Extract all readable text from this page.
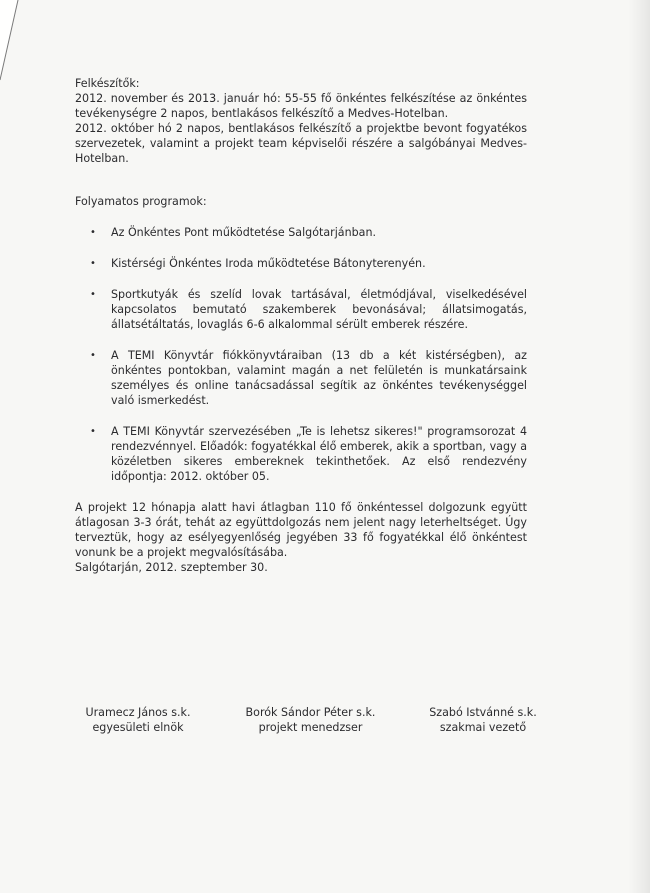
Felkészítők:

2012. november és 2013. január hó: 55-55 fő önkéntes felkészítése az önkéntes tevékenységre 2 napos, bentlakásos felkészítő a Medves-Hotelban.

2012. október hó 2 napos, bentlakásos felkészítő a projektbe bevont fogyatékos szervezetek, valamint a projekt team képviselői részére a salgóbányai Medves-Hotelban.

Folyamatos programok:

• Az Önkéntes Pont működtetése Salgótarjánban.
• Kistérségi Önkéntes Iroda működtetése Bátonyterenyén.
• Sportkutyák és szelíd lovak tartásával, életmódjával, viselkedésével kapcsolatos bemutató szakemberek bevonásával; állatsimogatás, állatsétáltatás, lovaglás 6-6 alkalommal sérült emberek részére.
• A TEMI Könyvtár fiókkönyvtáraiban (13 db a két kistérségben), az önkéntes pontokban, valamint magán a net felületén is munkatársaink személyes és online tanácsadással segítik az önkéntes tevékenységgel való ismerkedést.
• A TEMI Könyvtár szervezésében „Te is lehetsz sikeres!" programsorozat 4 rendezvénnyel. Előadók: fogyatékkal élő emberek, akik a sportban, vagy a közéletben sikeres embereknek tekinthetőek. Az első rendezvény időpontja: 2012. október 05.

A projekt 12 hónapja alatt havi átlagban 110 fő önkéntessel dolgozunk együtt átlagosan 3-3 órát, tehát az együttdolgozás nem jelent nagy leterheltséget. Úgy terveztük, hogy az esélyegyenlőség jegyében 33 fő fogyatékkal élő önkéntest vonunk be a projekt megvalósításába.

Salgótarján, 2012. szeptember 30.

Uramecz János s.k.
egyesületi elnök
Borók Sándor Péter s.k.
projekt menedzser
Szabó Istvánné s.k.
szakmai vezető
